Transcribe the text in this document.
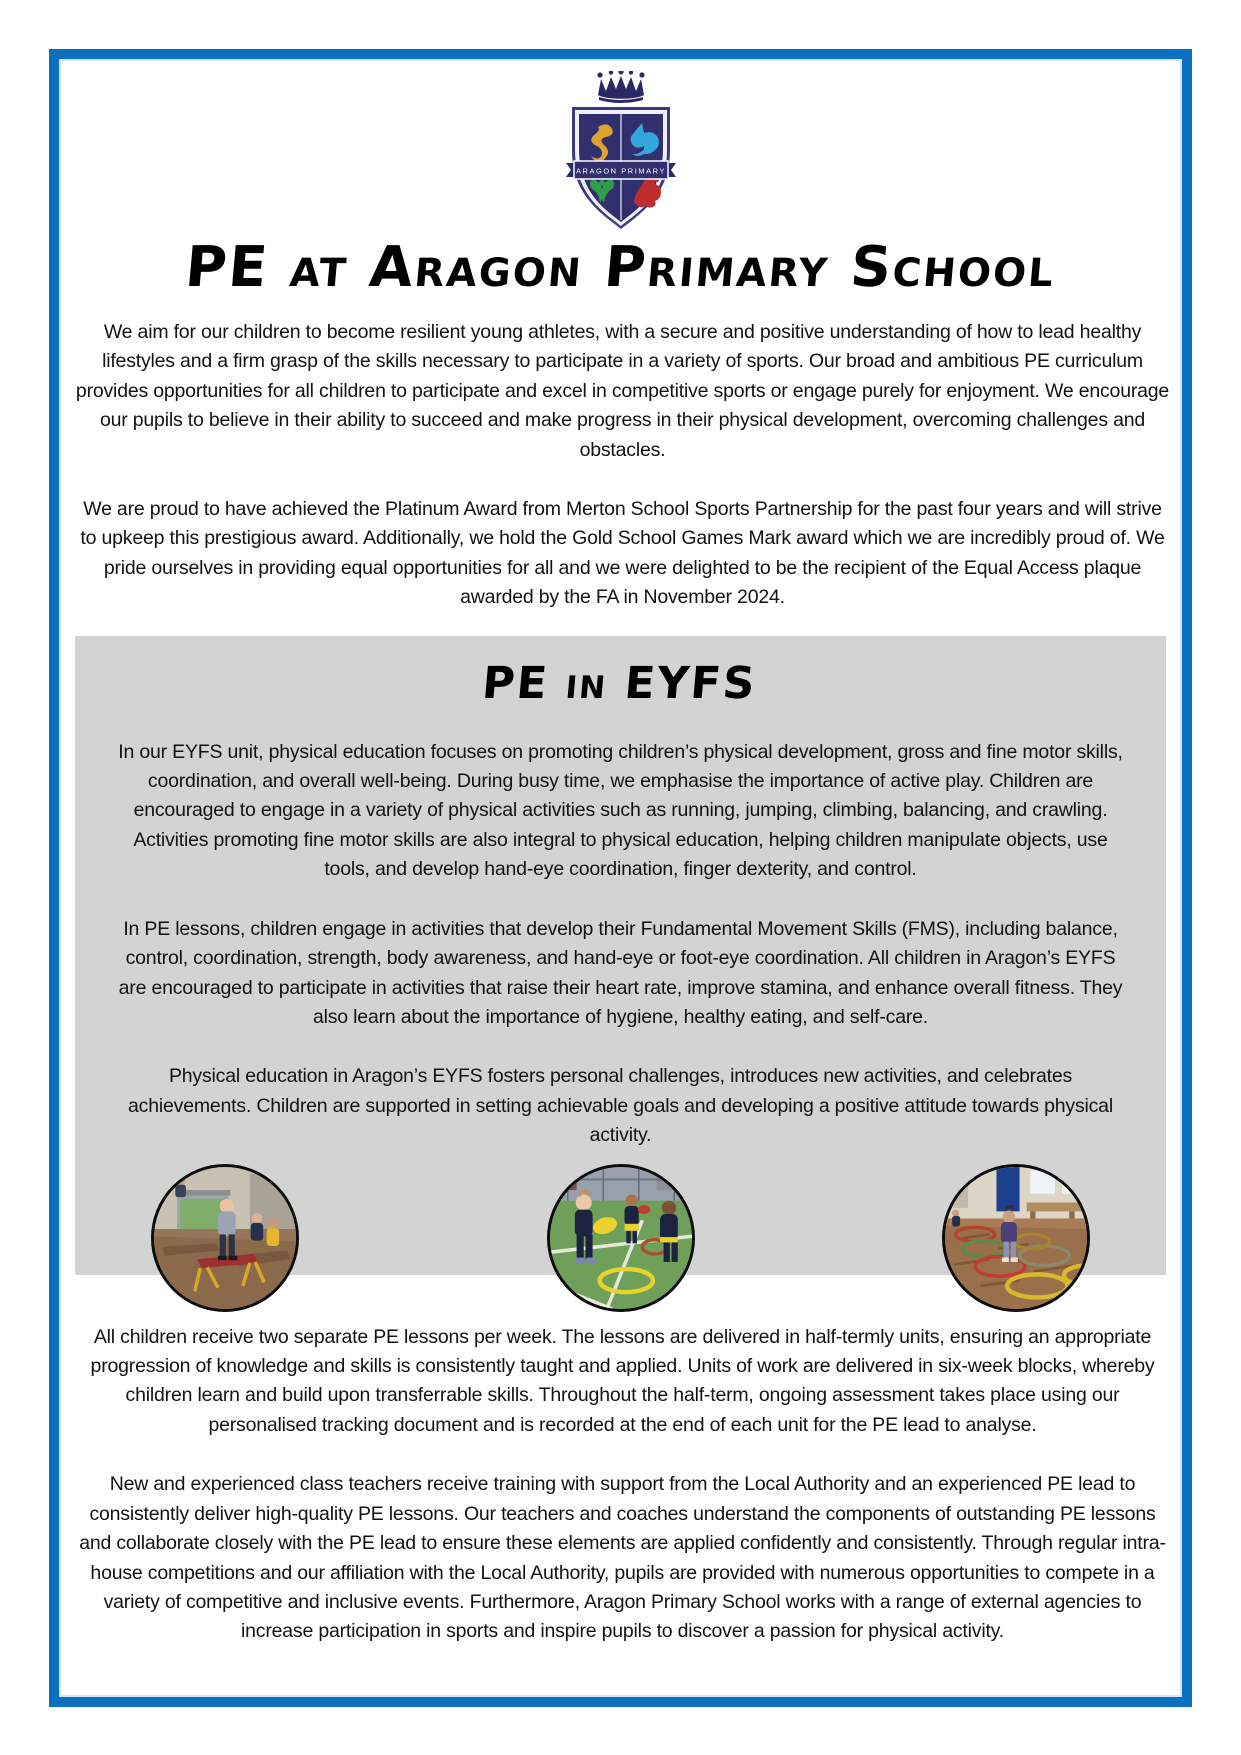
ARAGON PRIMARY
PE at Aragon Primary School

We aim for our children to become resilient young athletes, with a secure and positive understanding of how to lead healthy lifestyles and a firm grasp of the skills necessary to participate in a variety of sports. Our broad and ambitious PE curriculum provides opportunities for all children to participate and excel in competitive sports or engage purely for enjoyment. We encourage our pupils to believe in their ability to succeed and make progress in their physical development, overcoming challenges and obstacles.

We are proud to have achieved the Platinum Award from Merton School Sports Partnership for the past four years and will strive to upkeep this prestigious award. Additionally, we hold the Gold School Games Mark award which we are incredibly proud of. We pride ourselves in providing equal opportunities for all and we were delighted to be the recipient of the Equal Access plaque awarded by the FA in November 2024.

PE in EYFS

In our EYFS unit, physical education focuses on promoting children’s physical development, gross and fine motor skills, coordination, and overall well-being. During busy time, we emphasise the importance of active play. Children are encouraged to engage in a variety of physical activities such as running, jumping, climbing, balancing, and crawling. Activities promoting fine motor skills are also integral to physical education, helping children manipulate objects, use tools, and develop hand-eye coordination, finger dexterity, and control.

In PE lessons, children engage in activities that develop their Fundamental Movement Skills (FMS), including balance, control, coordination, strength, body awareness, and hand-eye or foot-eye coordination. All children in Aragon’s EYFS are encouraged to participate in activities that raise their heart rate, improve stamina, and enhance overall fitness. They also learn about the importance of hygiene, healthy eating, and self-care.

Physical education in Aragon’s EYFS fosters personal challenges, introduces new activities, and celebrates achievements. Children are supported in setting achievable goals and developing a positive attitude towards physical activity.

All children receive two separate PE lessons per week. The lessons are delivered in half-termly units, ensuring an appropriate progression of knowledge and skills is consistently taught and applied. Units of work are delivered in six-week blocks, whereby children learn and build upon transferrable skills. Throughout the half-term, ongoing assessment takes place using our personalised tracking document and is recorded at the end of each unit for the PE lead to analyse.

New and experienced class teachers receive training with support from the Local Authority and an experienced PE lead to consistently deliver high-quality PE lessons. Our teachers and coaches understand the components of outstanding PE lessons and collaborate closely with the PE lead to ensure these elements are applied confidently and consistently. Through regular intra-house competitions and our affiliation with the Local Authority, pupils are provided with numerous opportunities to compete in a variety of competitive and inclusive events. Furthermore, Aragon Primary School works with a range of external agencies to increase participation in sports and inspire pupils to discover a passion for physical activity.
